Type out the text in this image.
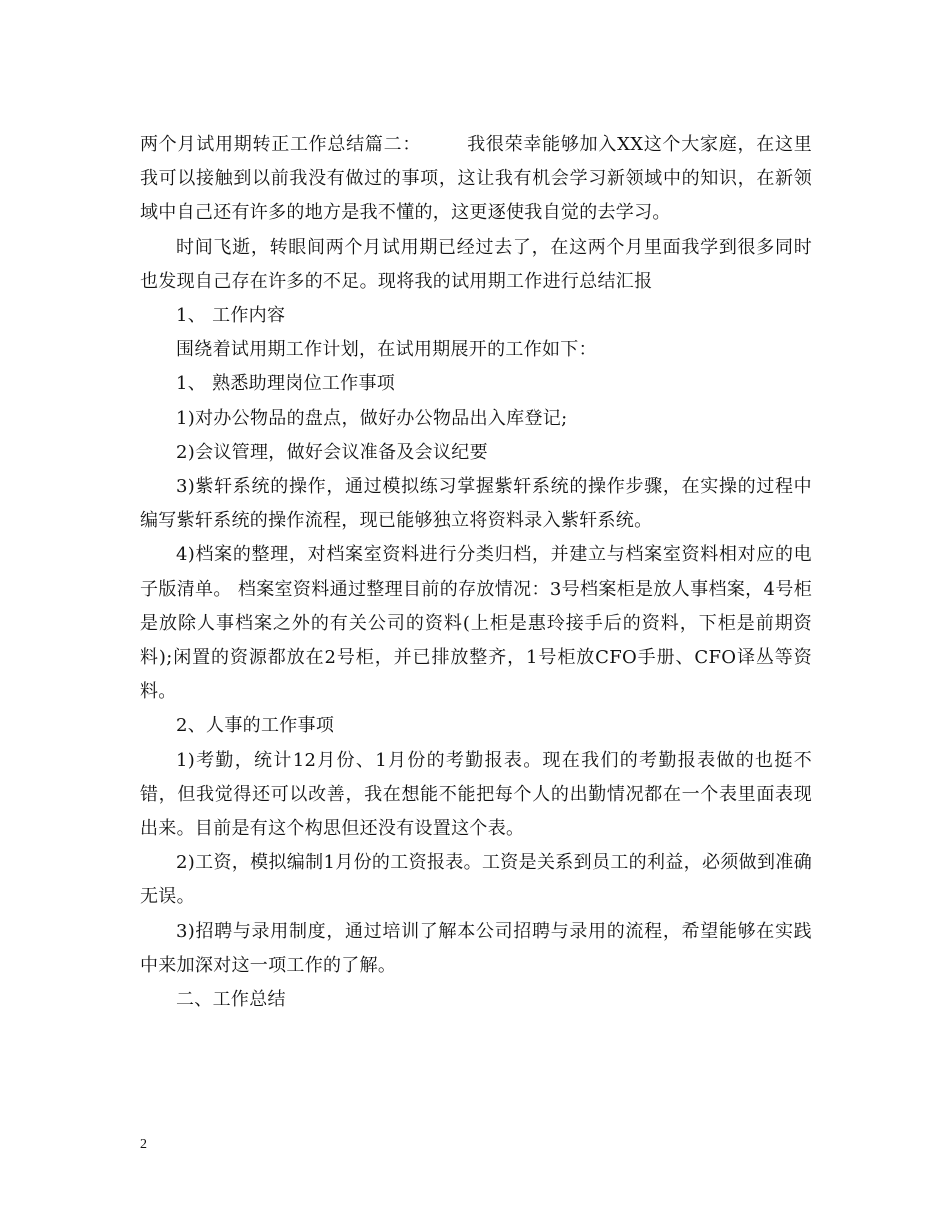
两个月试用期转正工作总结篇二：	我很荣幸能够加入XX这个大家庭，在这里我可以接触到以前我没有做过的事项，这让我有机会学习新领域中的知识，在新领域中自己还有许多的地方是我不懂的，这更逐使我自觉的去学习。

时间飞逝，转眼间两个月试用期已经过去了，在这两个月里面我学到很多同时也发现自己存在许多的不足。现将我的试用期工作进行总结汇报

1、 工作内容

围绕着试用期工作计划，在试用期展开的工作如下：

1、 熟悉助理岗位工作事项

1)对办公物品的盘点，做好办公物品出入库登记;

2)会议管理，做好会议准备及会议纪要

3)紫轩系统的操作，通过模拟练习掌握紫轩系统的操作步骤，在实操的过程中编写紫轩系统的操作流程，现已能够独立将资料录入紫轩系统。

4)档案的整理，对档案室资料进行分类归档，并建立与档案室资料相对应的电子版清单。 档案室资料通过整理目前的存放情况：3号档案柜是放人事档案，4号柜是放除人事档案之外的有关公司的资料(上柜是惠玲接手后的资料，下柜是前期资料);闲置的资源都放在2号柜，并已排放整齐，1号柜放CFO手册、CFO译丛等资料。

2、人事的工作事项

1)考勤，统计12月份、1月份的考勤报表。现在我们的考勤报表做的也挺不错，但我觉得还可以改善，我在想能不能把每个人的出勤情况都在一个表里面表现出来。目前是有这个构思但还没有设置这个表。

2)工资，模拟编制1月份的工资报表。工资是关系到员工的利益，必须做到准确无误。

3)招聘与录用制度，通过培训了解本公司招聘与录用的流程，希望能够在实践中来加深对这一项工作的了解。

二、工作总结

2
